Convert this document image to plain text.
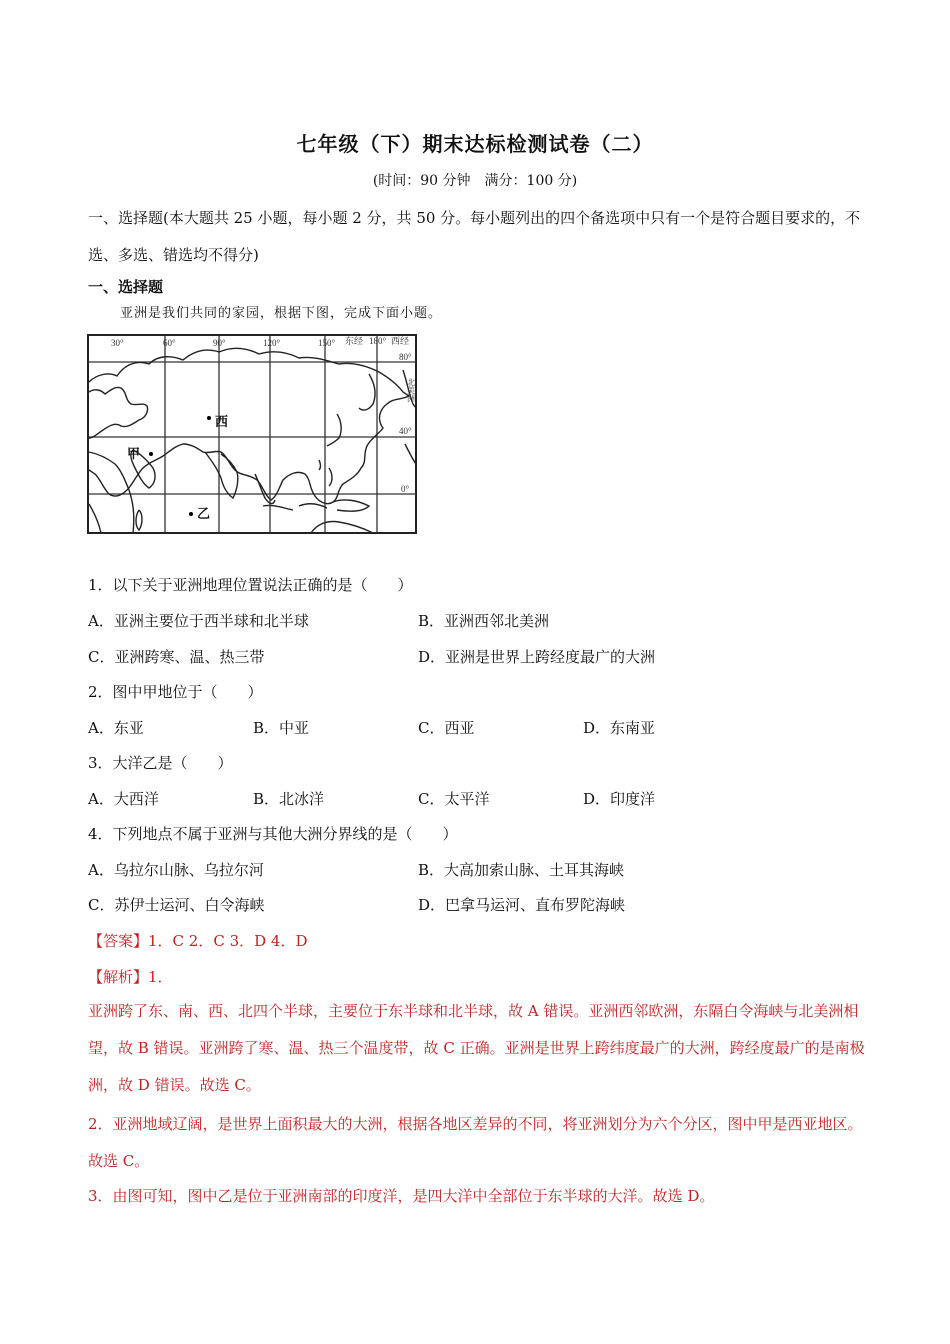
七年级（下）期末达标检测试卷（二）
(时间：90 分钟　满分：100 分)
一、选择题(本大题共 25 小题，每小题 2 分，共 50 分。每小题列出的四个备选项中只有一个是符合题目要求的，不选、多选、错选均不得分)
一、选择题
亚洲是我们共同的家园，根据下图，完成下面小题。
30°	60°	90°	120°	150° 东经 180° 西经
80°
40°
0°
北美洲
西
甲
乙
1．以下关于亚洲地理位置说法正确的是（　　）
A．亚洲主要位于西半球和北半球	B．亚洲西邻北美洲
C．亚洲跨寒、温、热三带	D．亚洲是世界上跨经度最广的大洲
2．图中甲地位于（　　）
A．东亚	B．中亚	C．西亚	D．东南亚
3．大洋乙是（　　）
A．大西洋	B．北冰洋	C．太平洋	D．印度洋
4．下列地点不属于亚洲与其他大洲分界线的是（　　）
A．乌拉尔山脉、乌拉尔河	B．大高加索山脉、土耳其海峡
C．苏伊士运河、白令海峡	D．巴拿马运河、直布罗陀海峡
【答案】1．C 2．C 3．D 4．D
【解析】1．
亚洲跨了东、南、西、北四个半球，主要位于东半球和北半球，故 A 错误。亚洲西邻欧洲，东隔白令海峡与北美洲相望，故 B 错误。亚洲跨了寒、温、热三个温度带，故 C 正确。亚洲是世界上跨纬度最广的大洲，跨经度最广的是南极洲，故 D 错误。故选 C。
2．亚洲地域辽阔，是世界上面积最大的大洲，根据各地区差异的不同，将亚洲划分为六个分区，图中甲是西亚地区。故选 C。
3．由图可知，图中乙是位于亚洲南部的印度洋，是四大洋中全部位于东半球的大洋。故选 D。
